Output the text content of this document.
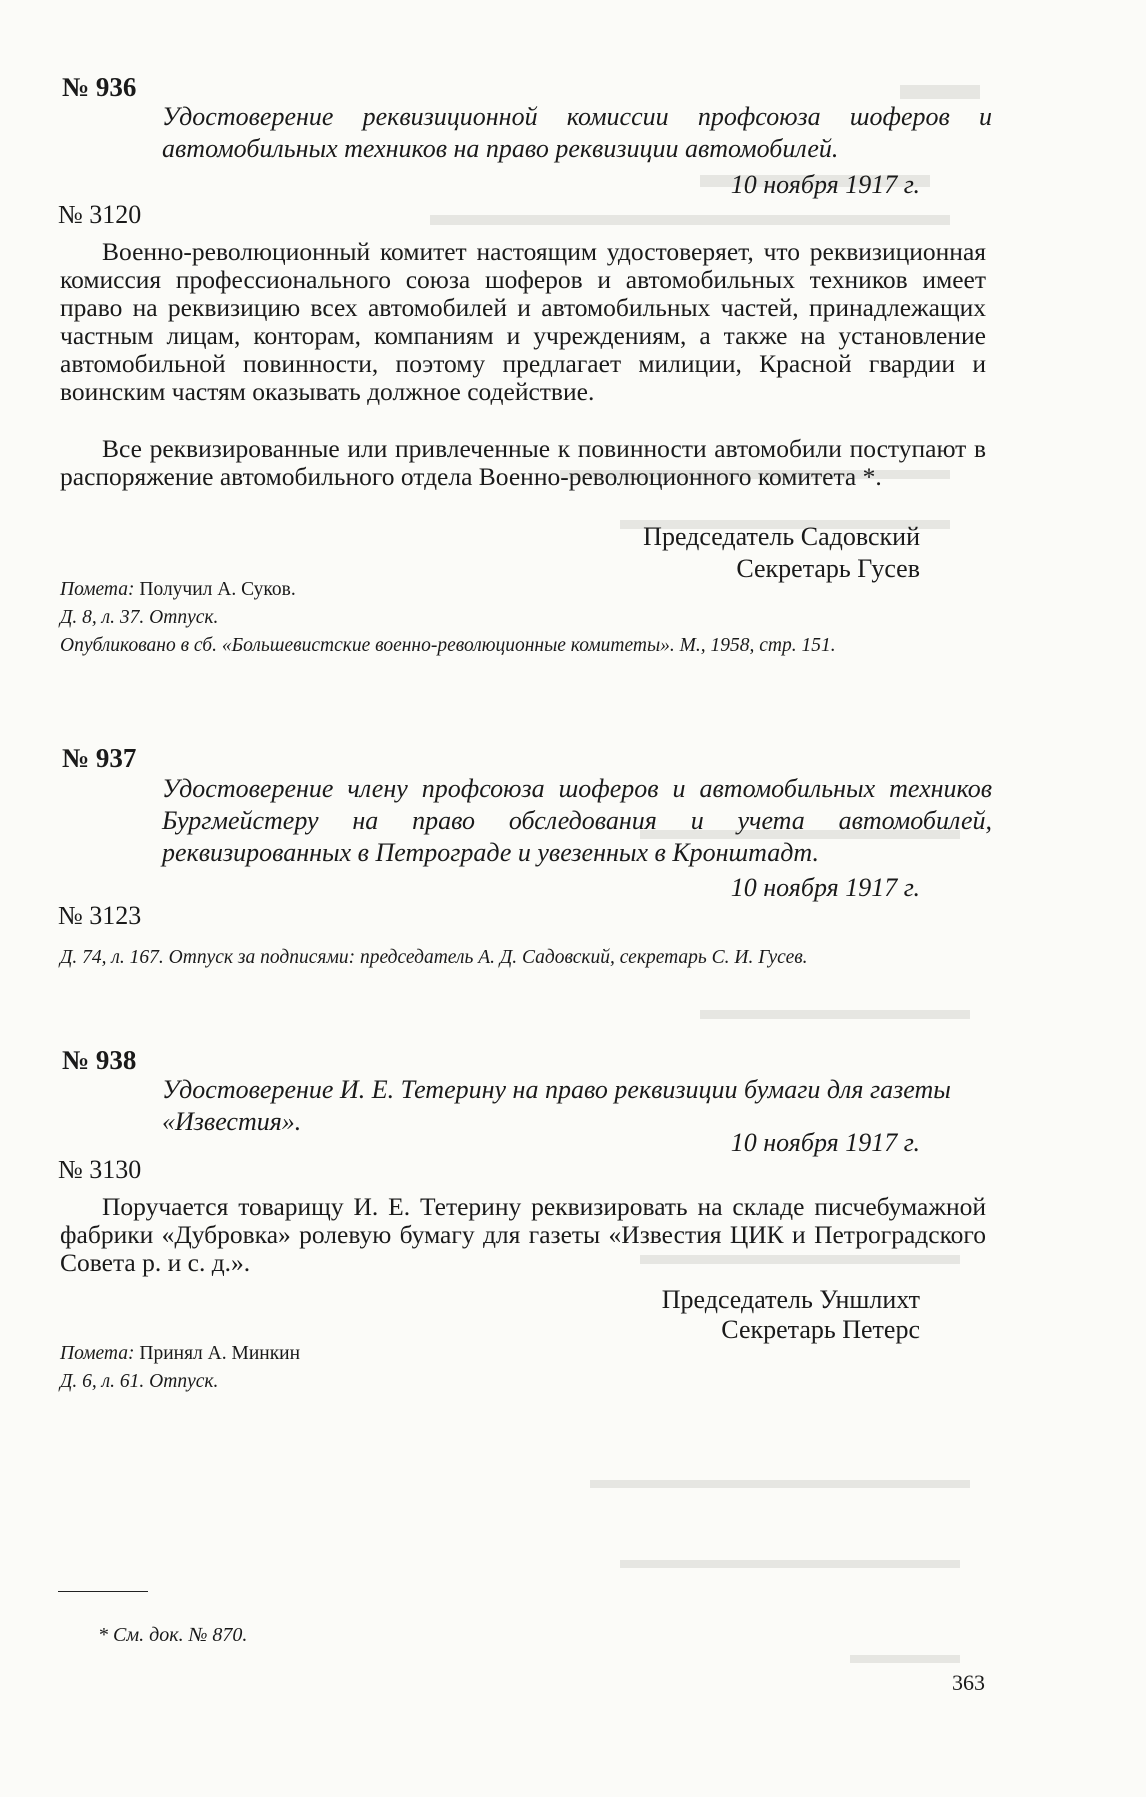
№ 936
Удостоверение реквизиционной комиссии профсоюза шоферов и автомобильных техников на право реквизиции автомобилей.
10 ноября 1917 г.
№ 3120
Военно-революционный комитет настоящим удостоверяет, что реквизиционная комиссия профессионального союза шоферов и автомобильных техников имеет право на реквизицию всех автомобилей и автомобильных частей, принадлежащих частным лицам, конторам, компаниям и учреждениям, а также на установление автомобильной повинности, поэтому предлагает милиции, Красной гвардии и воинским частям оказывать должное содействие.
Все реквизированные или привлеченные к повинности автомобили поступают в распоряжение автомобильного отдела Военно-революционного комитета *.
Председатель Садовский
Секретарь Гусев
Помета: Получил А. Суков.
Д. 8, л. 37. Отпуск.
Опубликовано в сб. «Большевистские военно-революционные комитеты». М., 1958, стр. 151.
№ 937
Удостоверение члену профсоюза шоферов и автомобильных техников Бургмейстеру на право обследования и учета автомобилей, реквизированных в Петрограде и увезенных в Кронштадт.
10 ноября 1917 г.
№ 3123
Д. 74, л. 167. Отпуск за подписями: председатель А. Д. Садовский, секретарь С. И. Гусев.
№ 938
Удостоверение И. Е. Тетерину на право реквизиции бумаги для газеты «Известия».
10 ноября 1917 г.
№ 3130
Поручается товарищу И. Е. Тетерину реквизировать на складе писчебумажной фабрики «Дубровка» ролевую бумагу для газеты «Известия ЦИК и Петроградского Совета р. и с. д.».
Председатель Уншлихт
Секретарь Петерс
Помета: Принял А. Минкин
Д. 6, л. 61. Отпуск.
* См. док. № 870.
363
